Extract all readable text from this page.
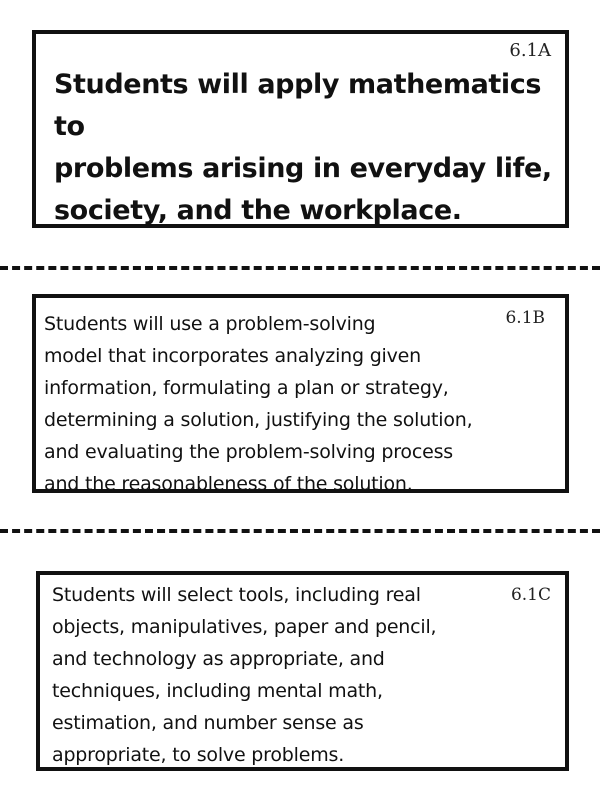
6.1A

Students will apply mathematics to
problems arising in everyday life,
society, and the workplace.

6.1B

Students will use a problem-solving
model that incorporates analyzing given
information, formulating a plan or strategy,
determining a solution, justifying the solution,
and evaluating the problem-solving process
and the reasonableness of the solution.

6.1C

Students will select tools, including real
objects, manipulatives, paper and pencil,
and technology as appropriate, and
techniques, including mental math,
estimation, and number sense as
appropriate, to solve problems.
